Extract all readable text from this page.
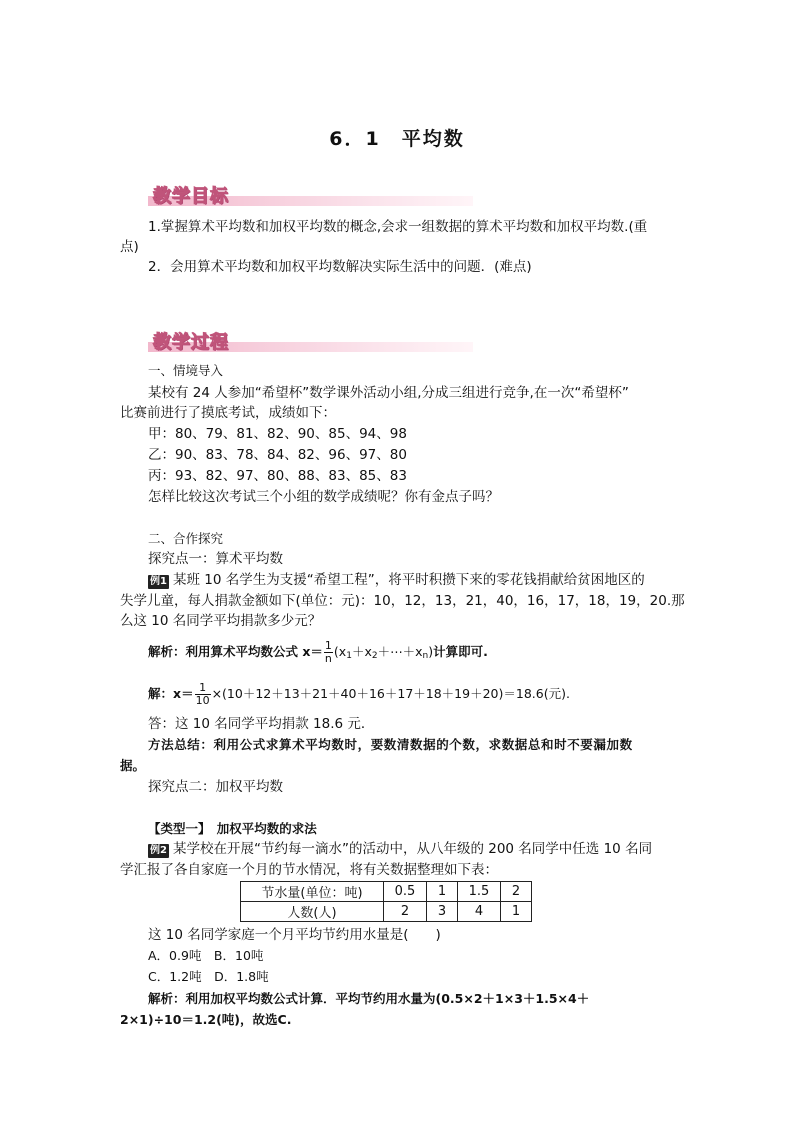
6．1　平均数
教学目标
1.掌握算术平均数和加权平均数的概念,会求一组数据的算术平均数和加权平均数.(重
点)
2．会用算术平均数和加权平均数解决实际生活中的问题．(难点)
教学过程
一、情境导入
某校有 24 人参加“希望杯”数学课外活动小组,分成三组进行竞争,在一次“希望杯”
比赛前进行了摸底考试，成绩如下：
甲：80、79、81、82、90、85、94、98
乙：90、83、78、84、82、96、97、80
丙：93、82、97、80、88、83、85、83
怎样比较这次考试三个小组的数学成绩呢？你有金点子吗？
二、合作探究
探究点一：算术平均数
例1 某班 10 名学生为支援“希望工程”，将平时积攒下来的零花钱捐献给贫困地区的
失学儿童，每人捐款金额如下(单位：元)：10，12，13，21，40，16，17，18，19，20.那
么这 10 名同学平均捐款多少元？
解析：利用算术平均数公式 $x= \frac{1}{n}$ $(x_1+x_2+\cdots+x_n)$计算即可.
解：$x= \frac{1}{10} \times(10+12+13+21+40+16+17+18+19+20)=18.6$(元).
答：这 10 名同学平均捐款 18.6 元．
方法总结：利用公式求算术平均数时，要数清数据的个数，求数据总和时不要漏加数
据。
探究点二：加权平均数
【类型一】　加权平均数的求法
例2 某学校在开展“节约每一滴水”的活动中，从八年级的 200 名同学中任选 10 名同
学汇报了各自家庭一个月的节水情况，将有关数据整理如下表：
节水量(单位：吨)	0.5	1	1.5	2
人数(人)	2	3	4	1
这 10 名同学家庭一个月平均节约用水量是(　　)
A．0.9吨　B．10吨
C．1.2吨　D．1.8吨
解析：利用加权平均数公式计算．平均节约用水量为(0.5×2＋1×3＋1.5×4＋
2×1)÷10＝1.2(吨)，故选C.
